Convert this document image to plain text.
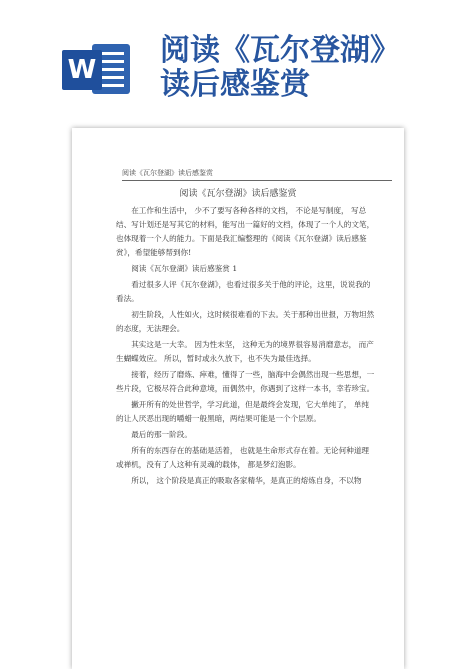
W
阅读《瓦尔登湖》
读后感鉴赏
阅读《瓦尔登湖》读后感鉴赏
阅读《瓦尔登湖》读后感鉴赏

在工作和生活中， 少不了要写各种各样的文档， 不论是写制度， 写总结、写计划还是写其它的材料，能写出一篇好的文档，体现了一个人的文笔，也体现着一个人的能力。下面是我汇编整理的《阅读《瓦尔登湖》读后感鉴赏》，希望能够帮到你!

阅读《瓦尔登湖》读后感鉴赏 1

看过很多人评《瓦尔登湖》，也看过很多关于他的评论，这里，说说我的看法。

初生阶段，人性如火，这时候很难看的下去。关于那种出世报，万物坦然的态度，无法理会。

其实这是一大幸。 因为性未坚， 这种无为的境界很容易消磨意志， 而产生蝴蝶效应。 所以，暂时或永久放下，也不失为最佳选择。

接着，经历了磨炼、瘁难，懂得了一些，脑海中会偶然出现一些思想，一些片段，它极尽符合此种意境，而偶然中，你遇到了这样一本书，幸若珍宝。

撇开所有的处世哲学，学习此道，但是最终会发现，它大单纯了， 单纯的让人厌恶出现的嚼蜡一般黑暗，两结果可能是一个个层原。

最后的那一阶段。

所有的东西存在的基础是活着， 也就是生命形式存在着。无论何种道理或禅机，没有了人这种有灵魂的载体， 都是梦幻泡影。

所以， 这个阶段是真正的吸取各家精华，是真正的熔炼自身，不以物
